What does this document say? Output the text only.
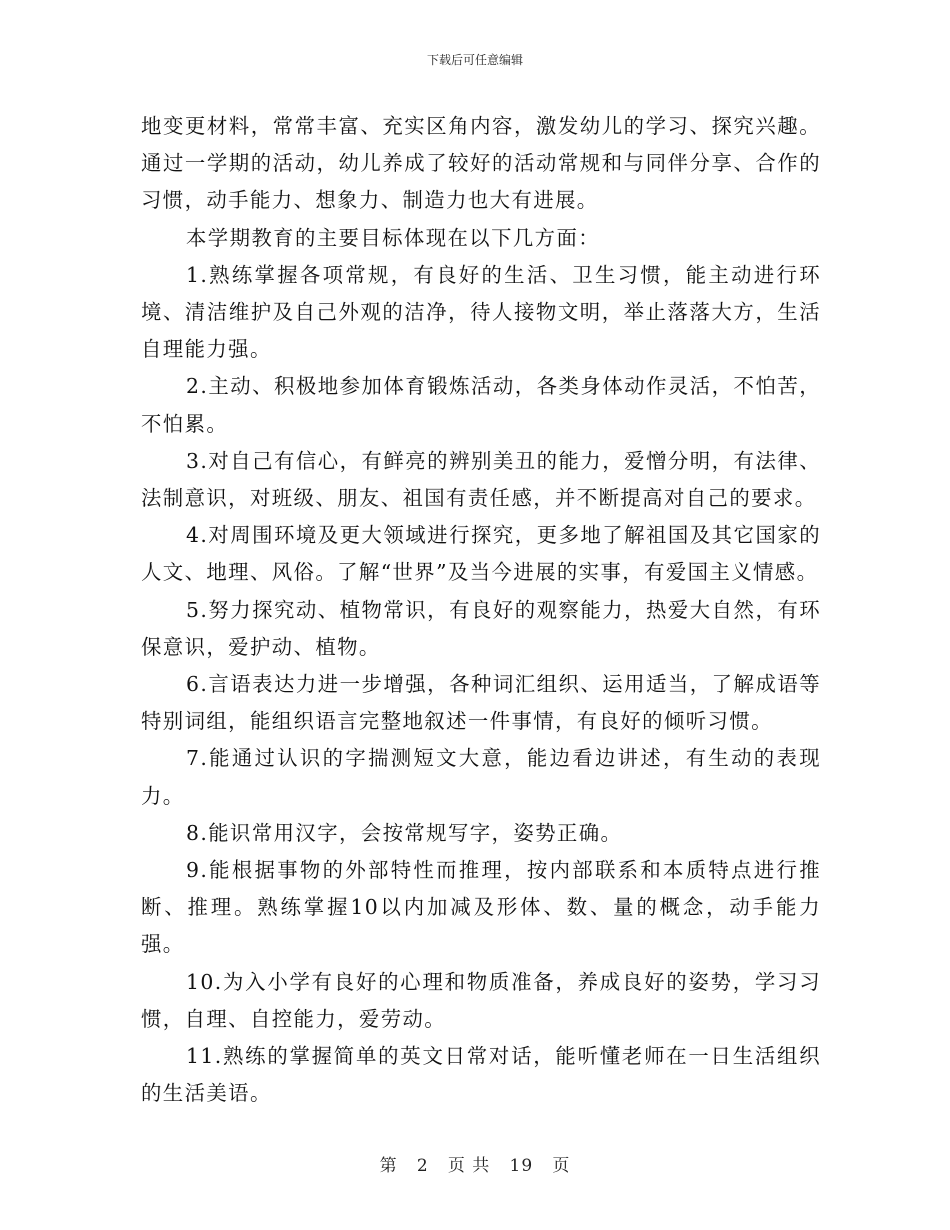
下载后可任意编辑

地变更材料，常常丰富、充实区角内容，激发幼儿的学习、探究兴趣。通过一学期的活动，幼儿养成了较好的活动常规和与同伴分享、合作的习惯，动手能力、想象力、制造力也大有进展。

本学期教育的主要目标体现在以下几方面：

1.熟练掌握各项常规，有良好的生活、卫生习惯，能主动进行环境、清洁维护及自己外观的洁净，待人接物文明，举止落落大方，生活自理能力强。

2.主动、积极地参加体育锻炼活动，各类身体动作灵活，不怕苦，不怕累。

3.对自己有信心，有鲜亮的辨别美丑的能力，爱憎分明，有法律、法制意识，对班级、朋友、祖国有责任感，并不断提高对自己的要求。

4.对周围环境及更大领域进行探究，更多地了解祖国及其它国家的人文、地理、风俗。了解“世界”及当今进展的实事，有爱国主义情感。

5.努力探究动、植物常识，有良好的观察能力，热爱大自然，有环保意识，爱护动、植物。

6.言语表达力进一步增强，各种词汇组织、运用适当，了解成语等特别词组，能组织语言完整地叙述一件事情，有良好的倾听习惯。

7.能通过认识的字揣测短文大意，能边看边讲述，有生动的表现力。

8.能识常用汉字，会按常规写字，姿势正确。

9.能根据事物的外部特性而推理，按内部联系和本质特点进行推断、推理。熟练掌握10以内加减及形体、数、量的概念，动手能力强。

10.为入小学有良好的心理和物质准备，养成良好的姿势，学习习惯，自理、自控能力，爱劳动。

11.熟练的掌握简单的英文日常对话，能听懂老师在一日生活组织的生活美语。

第 2 页 共 19 页
